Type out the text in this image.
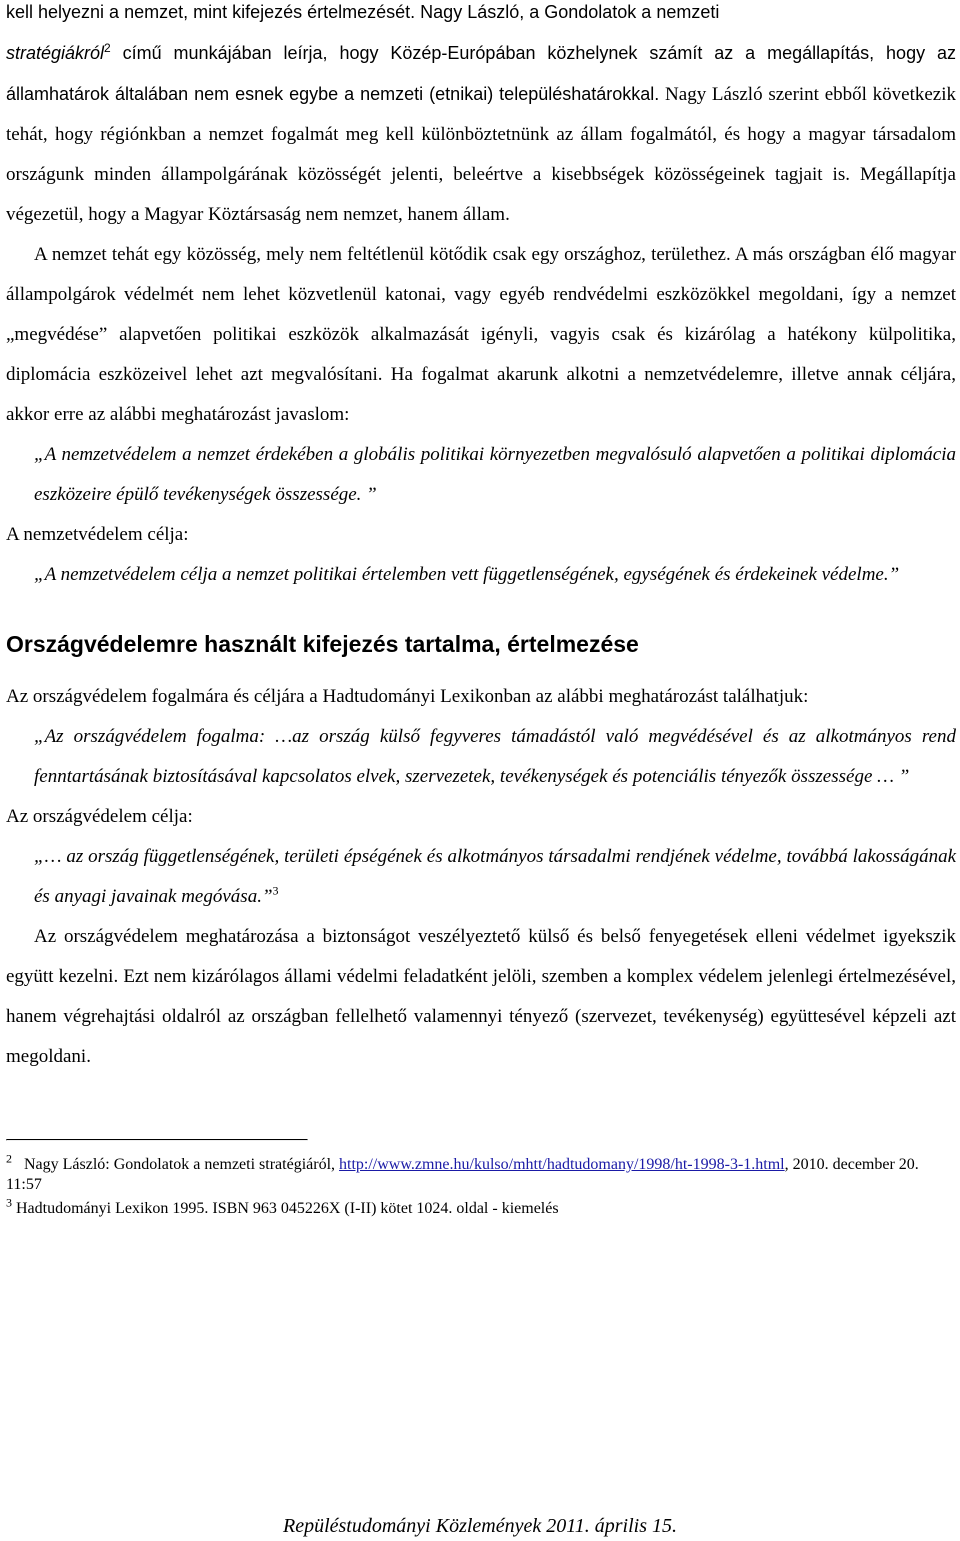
kell helyezni a nemzet, mint kifejezés értelmezését. Nagy László, a Gondolatok a nemzeti
stratégiákról$^2$ című munkájában leírja, hogy Közép-Európában közhelynek számít az a megállapítás, hogy az államhatárok általában nem esnek egybe a nemzeti (etnikai) településhatárokkal. Nagy László szerint ebből következik tehát, hogy régiónkban a nemzet fogalmát meg kell különböztetnünk az állam fogalmától, és hogy a magyar társadalom országunk minden állampolgárának közösségét jelenti, beleértve a kisebbségek közösségeinek tagjait is. Megállapítja végezetül, hogy a Magyar Köztársaság nem nemzet, hanem állam.

A nemzet tehát egy közösség, mely nem feltétlenül kötődik csak egy országhoz, területhez. A más országban élő magyar állampolgárok védelmét nem lehet közvetlenül katonai, vagy egyéb rendvédelmi eszközökkel megoldani, így a nemzet „megvédése” alapvetően politikai eszközök alkalmazását igényli, vagyis csak és kizárólag a hatékony külpolitika, diplomácia eszközeivel lehet azt megvalósítani. Ha fogalmat akarunk alkotni a nemzetvédelemre, illetve annak céljára, akkor erre az alábbi meghatározást javaslom:

„A nemzetvédelem a nemzet érdekében a globális politikai környezetben megvalósuló alapvetően a politikai diplomácia eszközeire épülő tevékenységek összessége. ”

A nemzetvédelem célja:

„A nemzetvédelem célja a nemzet politikai értelemben vett függetlenségének, egységének és érdekeinek védelme.”

Országvédelemre használt kifejezés tartalma, értelmezése

Az országvédelem fogalmára és céljára a Hadtudományi Lexikonban az alábbi meghatározást találhatjuk:

„Az országvédelem fogalma: …az ország külső fegyveres támadástól való megvédésével és az alkotmányos rend fenntartásának biztosításával kapcsolatos elvek, szervezetek, tevékenységek és potenciális tényezők összessége … ”

Az országvédelem célja:

„… az ország függetlenségének, területi épségének és alkotmányos társadalmi rendjének védelme, továbbá lakosságának és anyagi javainak megóvása.”$^3$

Az országvédelem meghatározása a biztonságot veszélyeztető külső és belső fenyegetések elleni védelmet igyekszik együtt kezelni. Ezt nem kizárólagos állami védelmi feladatként jelöli, szemben a komplex védelem jelenlegi értelmezésével, hanem végrehajtási oldalról az országban fellelhető valamennyi tényező (szervezet, tevékenység) együttesével képzeli azt megoldani.

$^2$ Nagy László: Gondolatok a nemzeti stratégiáról, http://www.zmne.hu/kulso/mhtt/hadtudomany/1998/ht-1998-3-1.html, 2010. december 20. 11:57

$^3$ Hadtudományi Lexikon 1995. ISBN 963 045226X (I-II) kötet 1024. oldal - kiemelés

Repüléstudományi Közlemények 2011. április 15.
